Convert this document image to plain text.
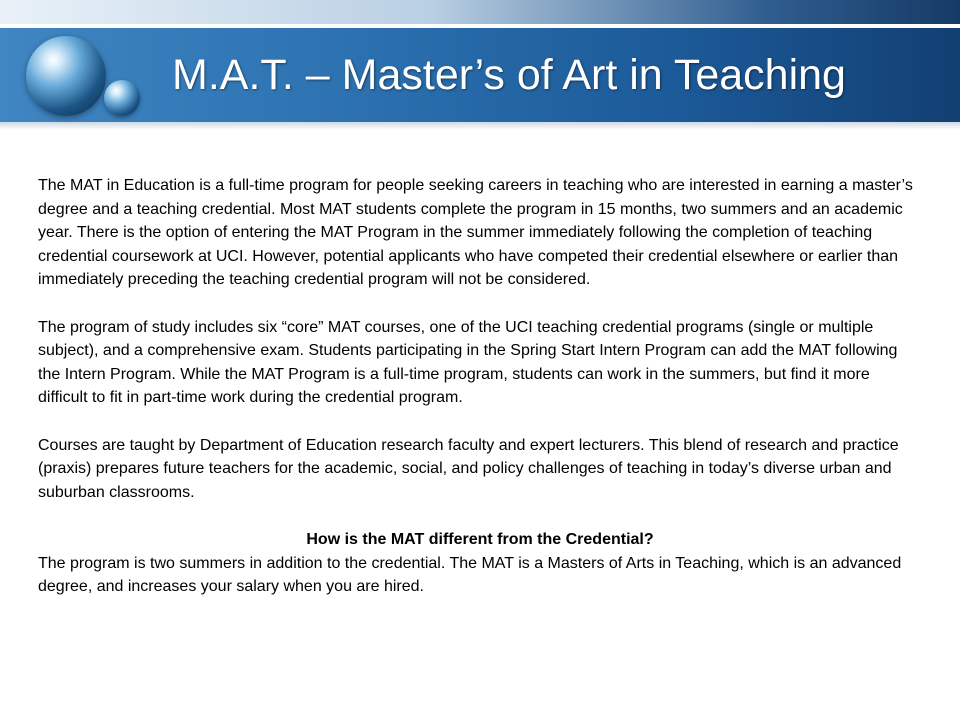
M.A.T. – Master’s of Art in Teaching

The MAT in Education is a full-time program for people seeking careers in teaching who are interested in earning a master’s degree and a teaching credential. Most MAT students complete the program in 15 months, two summers and an academic year. There is the option of entering the MAT Program in the summer immediately following the completion of teaching credential coursework at UCI. However, potential applicants who have competed their credential elsewhere or earlier than immediately preceding the teaching credential program will not be considered.

The program of study includes six “core” MAT courses, one of the UCI teaching credential programs (single or multiple subject), and a comprehensive exam. Students participating in the Spring Start Intern Program can add the MAT following the Intern Program. While the MAT Program is a full-time program, students can work in the summers, but find it more difficult to fit in part-time work during the credential program.

Courses are taught by Department of Education research faculty and expert lecturers. This blend of research and practice (praxis) prepares future teachers for the academic, social, and policy challenges of teaching in today’s diverse urban and suburban classrooms.

How is the MAT different from the Credential?

The program is two summers in addition to the credential. The MAT is a Masters of Arts in Teaching, which is an advanced degree, and increases your salary when you are hired.
